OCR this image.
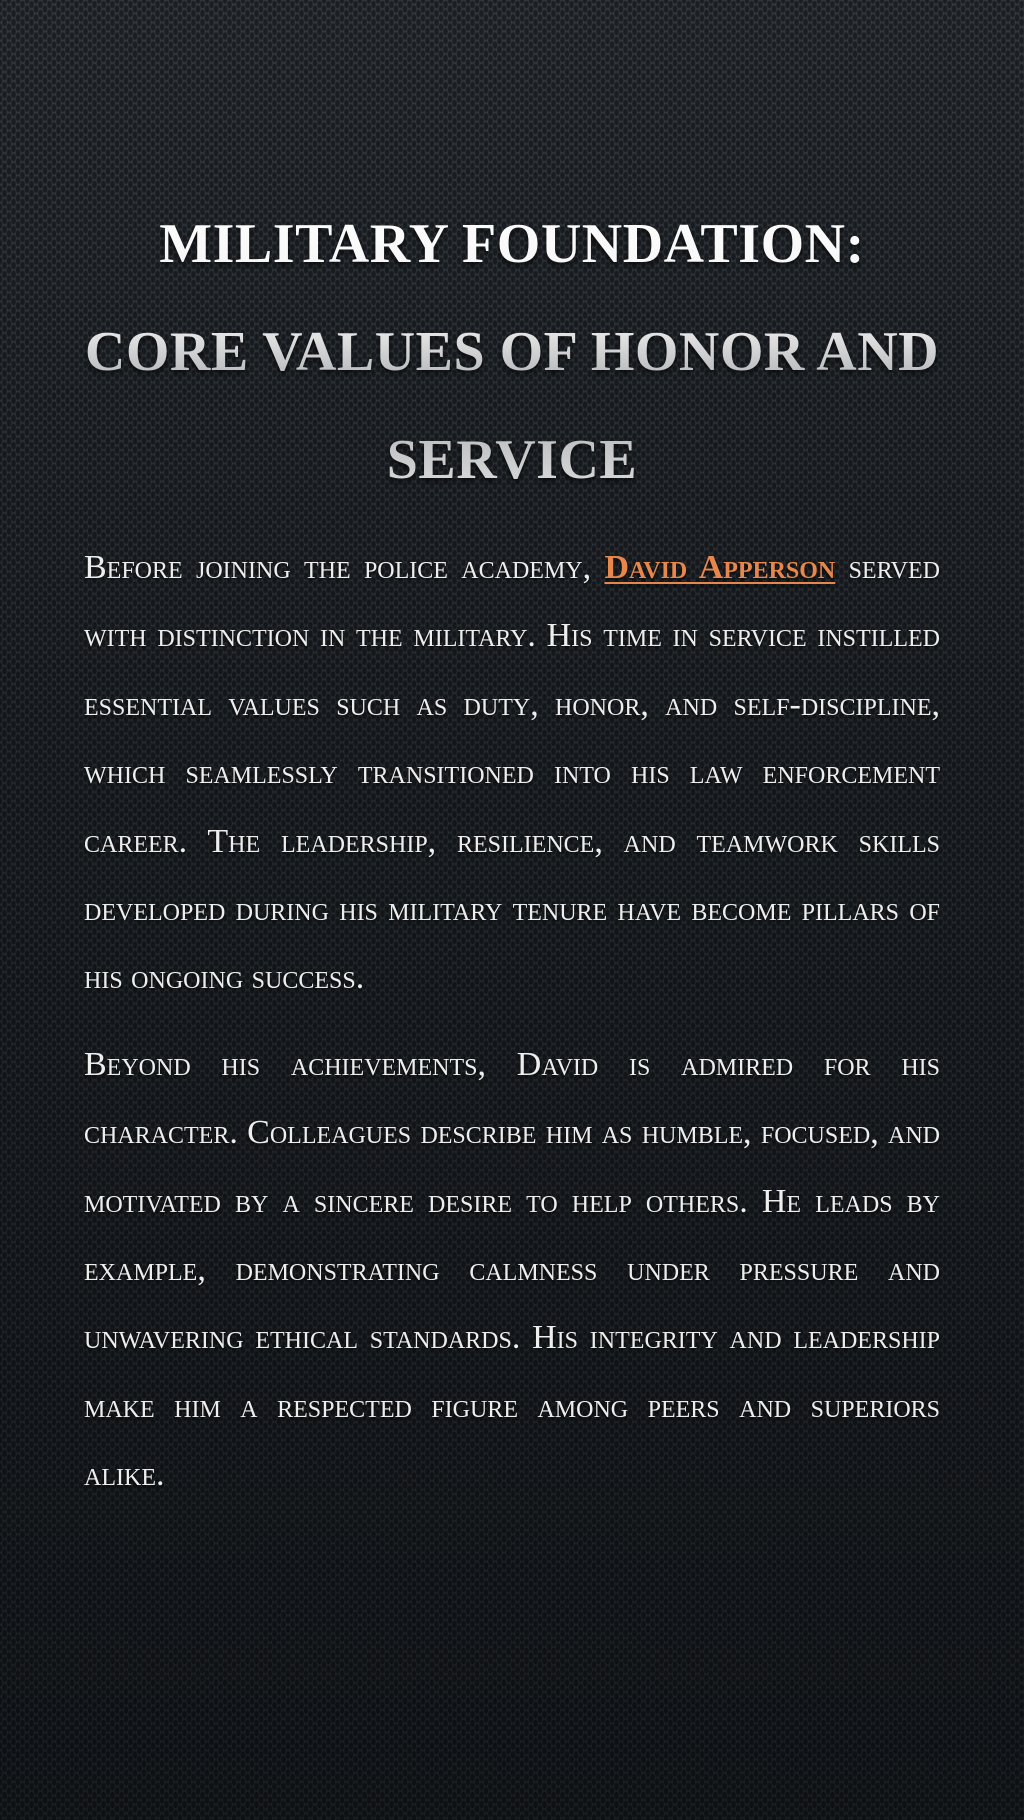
MILITARY FOUNDATION: CORE VALUES OF HONOR AND SERVICE

Before joining the police academy, David Apperson served with distinction in the military. His time in service instilled essential values such as duty, honor, and self-discipline, which seamlessly transitioned into his law enforcement career. The leadership, resilience, and teamwork skills developed during his military tenure have become pillars of his ongoing success.

Beyond his achievements, David is admired for his character. Colleagues describe him as humble, focused, and motivated by a sincere desire to help others. He leads by example, demonstrating calmness under pressure and unwavering ethical standards. His integrity and leadership make him a respected figure among peers and superiors alike.
